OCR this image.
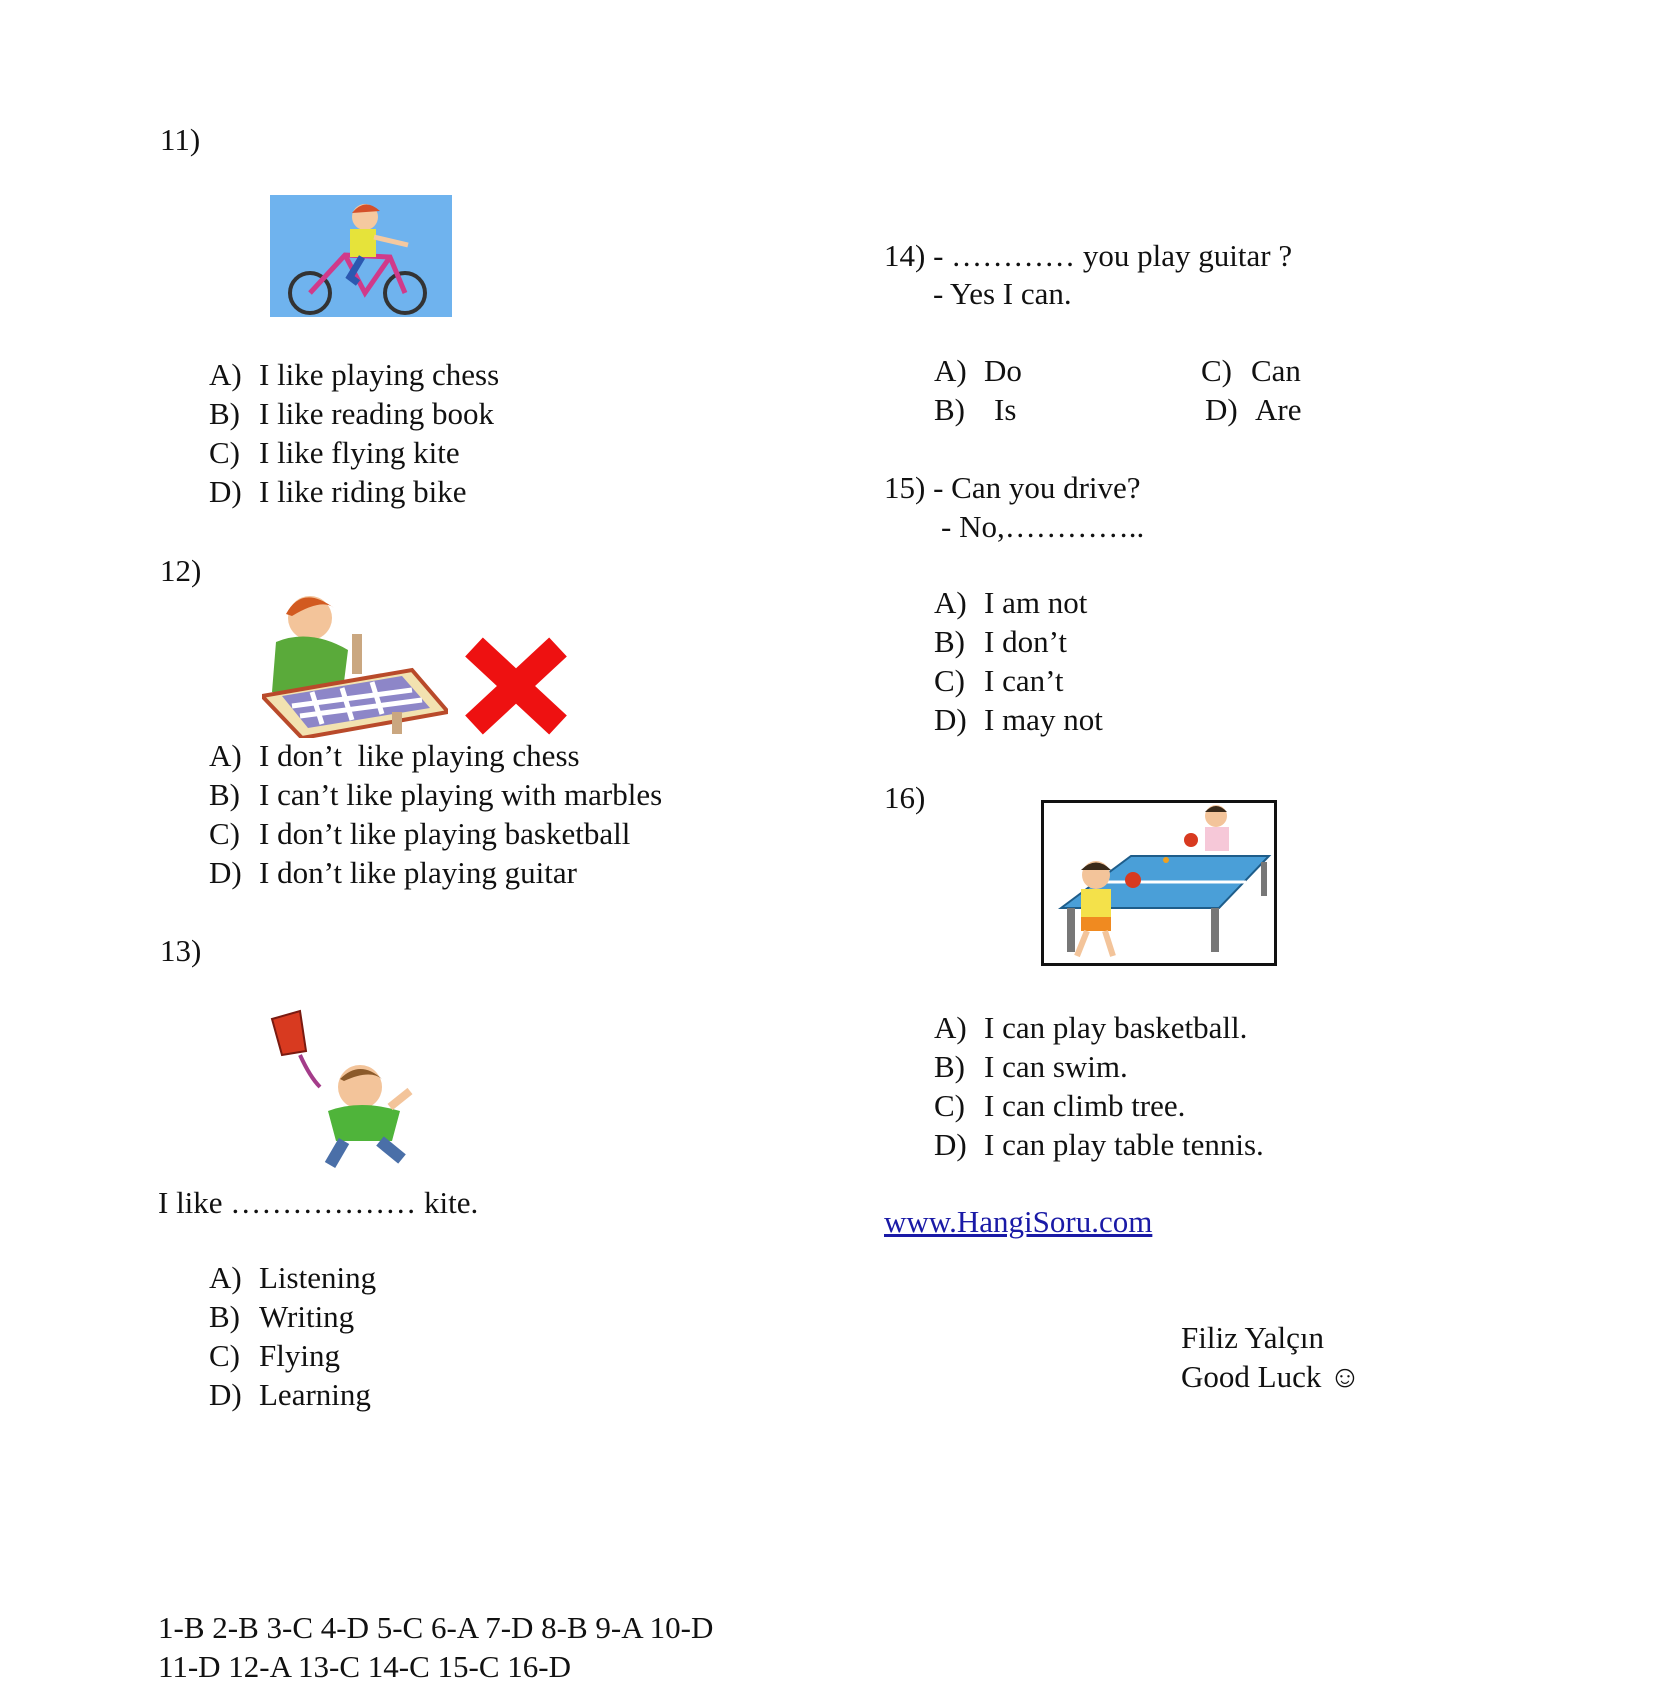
11)
A) I like playing chess
B) I like reading book
C) I like flying kite
D) I like riding bike
12)
A) I don’t  like playing chess
B) I can’t like playing with marbles
C) I don’t like playing basketball
D) I don’t like playing guitar
13)
I like ……………… kite.
A) Listening
B) Writing
C) Flying
D) Learning
14) - ………… you play guitar ?
- Yes I can.
A) Do
B) Is
C) Can
D) Are
15) - Can you drive?
- No,…………..
A) I am not
B) I don’t
C) I can’t
D) I may not
16)
A) I can play basketball.
B) I can swim.
C) I can climb tree.
D) I can play table tennis.
www.HangiSoru.com
Filiz Yalçın
Good Luck ☺
1-B 2-B 3-C 4-D 5-C 6-A 7-D 8-B 9-A 10-D
11-D 12-A 13-C 14-C 15-C 16-D
